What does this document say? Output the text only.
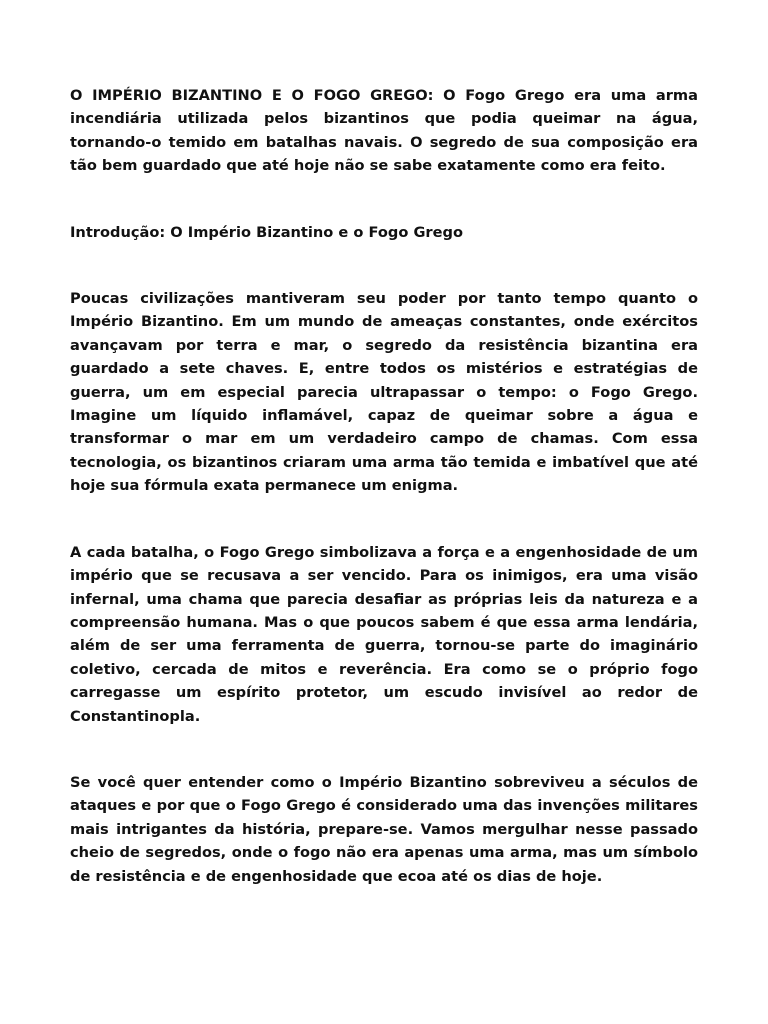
O IMPÉRIO BIZANTINO E O FOGO GREGO: O Fogo Grego era uma arma incendiária utilizada pelos bizantinos que podia queimar na água, tornando-o temido em batalhas navais. O segredo de sua composição era tão bem guardado que até hoje não se sabe exatamente como era feito.

Introdução: O Império Bizantino e o Fogo Grego

Poucas civilizações mantiveram seu poder por tanto tempo quanto o Império Bizantino. Em um mundo de ameaças constantes, onde exércitos avançavam por terra e mar, o segredo da resistência bizantina era guardado a sete chaves. E, entre todos os mistérios e estratégias de guerra, um em especial parecia ultrapassar o tempo: o Fogo Grego. Imagine um líquido inflamável, capaz de queimar sobre a água e transformar o mar em um verdadeiro campo de chamas. Com essa tecnologia, os bizantinos criaram uma arma tão temida e imbatível que até hoje sua fórmula exata permanece um enigma.

A cada batalha, o Fogo Grego simbolizava a força e a engenhosidade de um império que se recusava a ser vencido. Para os inimigos, era uma visão infernal, uma chama que parecia desafiar as próprias leis da natureza e a compreensão humana. Mas o que poucos sabem é que essa arma lendária, além de ser uma ferramenta de guerra, tornou-se parte do imaginário coletivo, cercada de mitos e reverência. Era como se o próprio fogo carregasse um espírito protetor, um escudo invisível ao redor de Constantinopla.

Se você quer entender como o Império Bizantino sobreviveu a séculos de ataques e por que o Fogo Grego é considerado uma das invenções militares mais intrigantes da história, prepare-se. Vamos mergulhar nesse passado cheio de segredos, onde o fogo não era apenas uma arma, mas um símbolo de resistência e de engenhosidade que ecoa até os dias de hoje.
